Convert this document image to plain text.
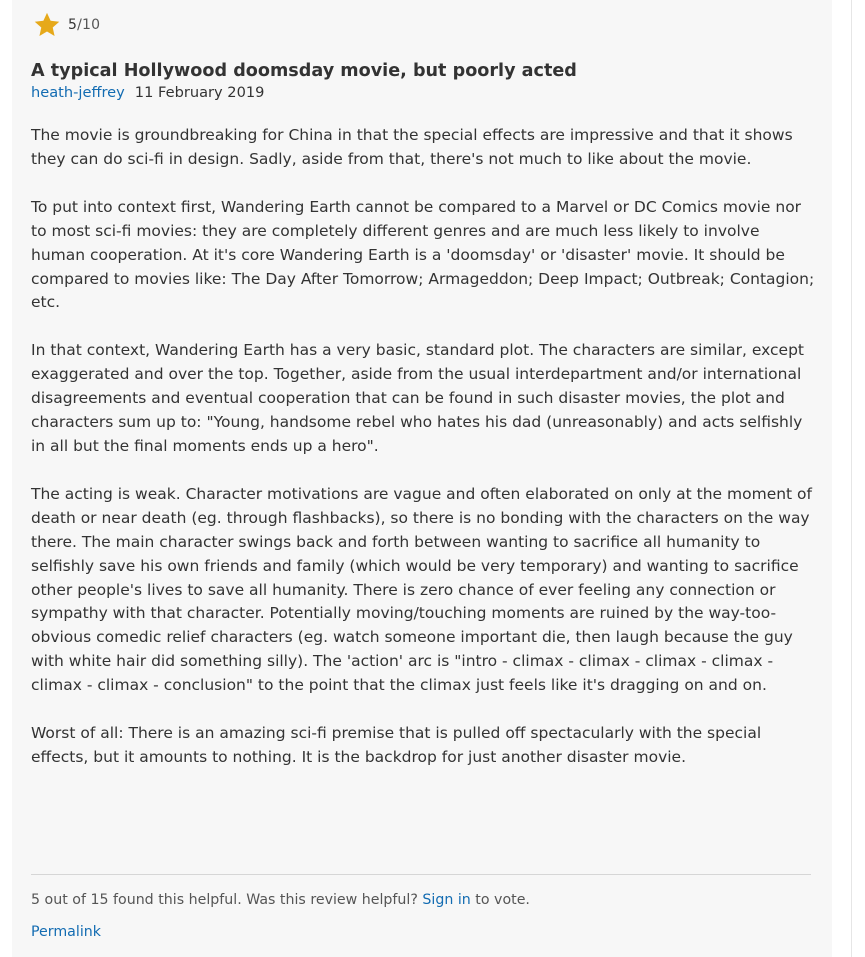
5/10
A typical Hollywood doomsday movie, but poorly acted
heath-jeffrey 11 February 2019

The movie is groundbreaking for China in that the special effects are impressive and that it shows they can do sci-fi in design. Sadly, aside from that, there's not much to like about the movie.

To put into context first, Wandering Earth cannot be compared to a Marvel or DC Comics movie nor to most sci-fi movies: they are completely different genres and are much less likely to involve human cooperation. At it's core Wandering Earth is a 'doomsday' or 'disaster' movie. It should be compared to movies like: The Day After Tomorrow; Armageddon; Deep Impact; Outbreak; Contagion; etc.

In that context, Wandering Earth has a very basic, standard plot. The characters are similar, except exaggerated and over the top. Together, aside from the usual interdepartment and/or international disagreements and eventual cooperation that can be found in such disaster movies, the plot and characters sum up to: "Young, handsome rebel who hates his dad (unreasonably) and acts selfishly in all but the final moments ends up a hero".

The acting is weak. Character motivations are vague and often elaborated on only at the moment of death or near death (eg. through flashbacks), so there is no bonding with the characters on the way there. The main character swings back and forth between wanting to sacrifice all humanity to selfishly save his own friends and family (which would be very temporary) and wanting to sacrifice other people's lives to save all humanity. There is zero chance of ever feeling any connection or sympathy with that character. Potentially moving/touching moments are ruined by the way-too-obvious comedic relief characters (eg. watch someone important die, then laugh because the guy with white hair did something silly). The 'action' arc is "intro - climax - climax - climax - climax - climax - climax - conclusion" to the point that the climax just feels like it's dragging on and on.

Worst of all: There is an amazing sci-fi premise that is pulled off spectacularly with the special effects, but it amounts to nothing. It is the backdrop for just another disaster movie.

5 out of 15 found this helpful. Was this review helpful? Sign in to vote.
Permalink
